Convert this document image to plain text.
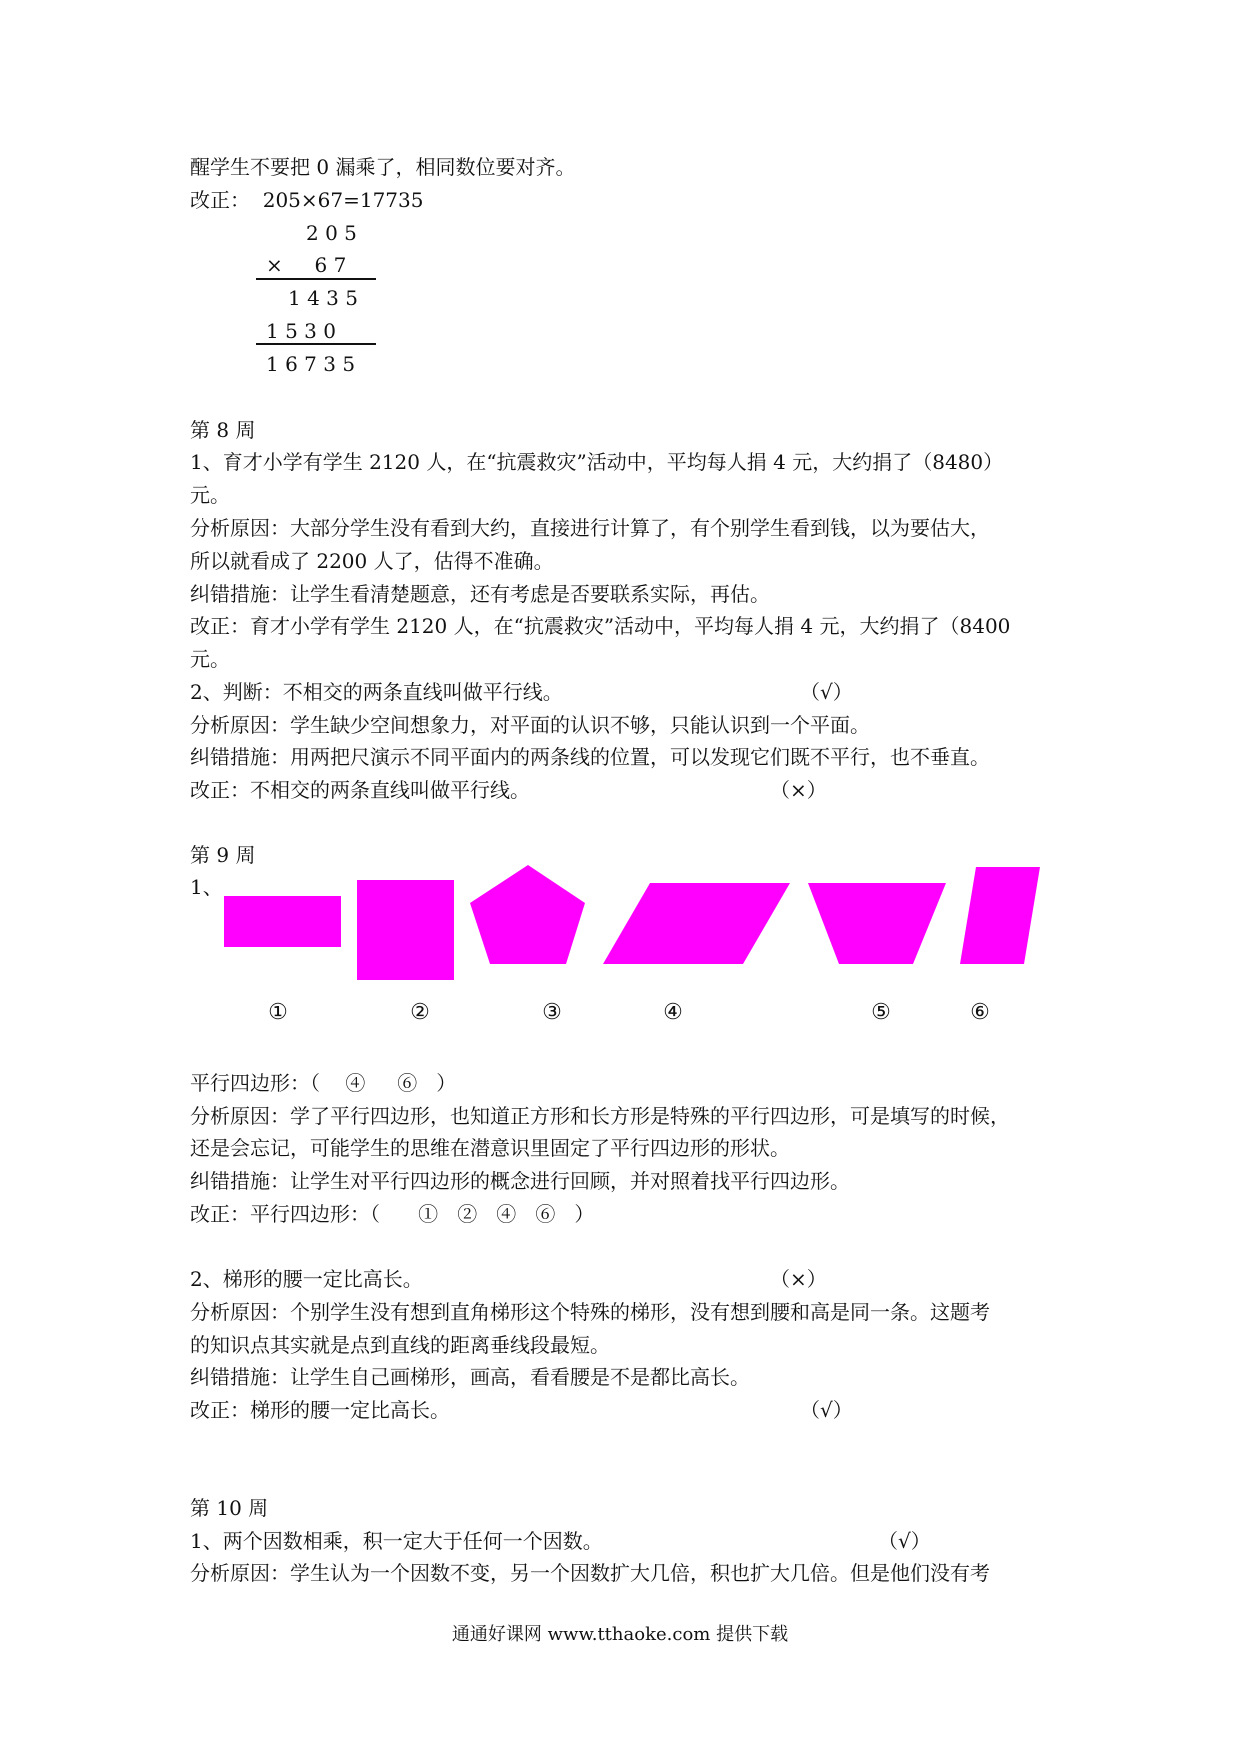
醒学生不要把 0 漏乘了，相同数位要对齐。
改正：  205×67=17735
2 0 5
×     6 7
1 4 3 5
1 5 3 0
1 6 7 3 5
第 8 周
1、育才小学有学生 2120 人，在“抗震救灾”活动中，平均每人捐 4 元，大约捐了（8480）
元。
分析原因：大部分学生没有看到大约，直接进行计算了，有个别学生看到钱，以为要估大，
所以就看成了 2200 人了，估得不准确。
纠错措施：让学生看清楚题意，还有考虑是否要联系实际，再估。
改正：育才小学有学生 2120 人，在“抗震救灾”活动中，平均每人捐 4 元，大约捐了（8400
元。
2、判断：不相交的两条直线叫做平行线。	（√）
分析原因：学生缺少空间想象力，对平面的认识不够，只能认识到一个平面。
纠错措施：用两把尺演示不同平面内的两条线的位置，可以发现它们既不平行，也不垂直。
改正：不相交的两条直线叫做平行线。	（×）
第 9 周
1、
①	②	③	④	⑤	⑥
平行四边形：（    ④     ⑥   ）
分析原因：学了平行四边形，也知道正方形和长方形是特殊的平行四边形，可是填写的时候，
还是会忘记，可能学生的思维在潜意识里固定了平行四边形的形状。
纠错措施：让学生对平行四边形的概念进行回顾，并对照着找平行四边形。
改正：平行四边形：（      ①   ②   ④   ⑥   ）
2、梯形的腰一定比高长。	（×）
分析原因：个别学生没有想到直角梯形这个特殊的梯形，没有想到腰和高是同一条。这题考
的知识点其实就是点到直线的距离垂线段最短。
纠错措施：让学生自己画梯形，画高，看看腰是不是都比高长。
改正：梯形的腰一定比高长。	（√）
第 10 周
1、两个因数相乘，积一定大于任何一个因数。	（√）
分析原因：学生认为一个因数不变，另一个因数扩大几倍，积也扩大几倍。但是他们没有考
通通好课网 www.tthaoke.com 提供下载
